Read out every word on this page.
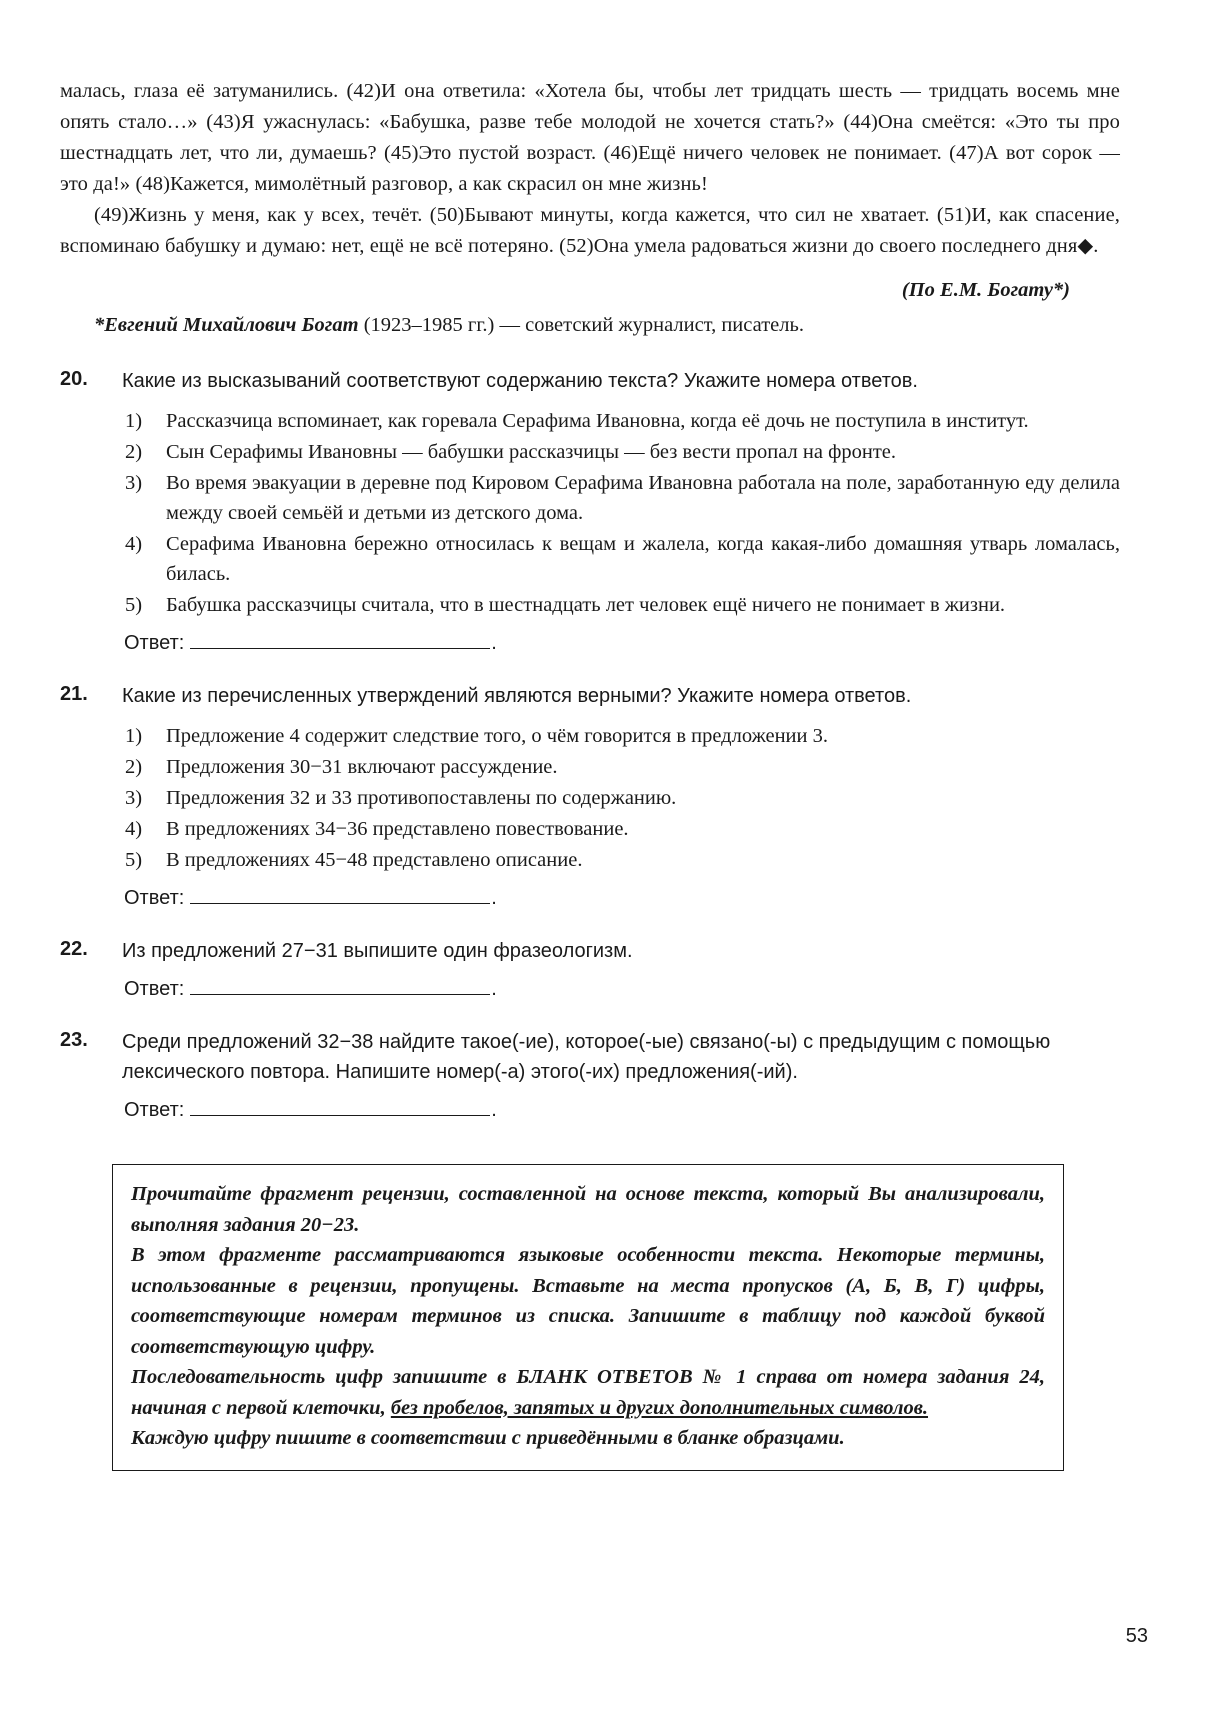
малась, глаза её затуманились. (42)И она ответила: «Хотела бы, чтобы лет тридцать шесть — тридцать восемь мне опять стало…» (43)Я ужаснулась: «Бабушка, разве тебе молодой не хочется стать?» (44)Она смеётся: «Это ты про шестнадцать лет, что ли, думаешь? (45)Это пустой возраст. (46)Ещё ничего человек не понимает. (47)А вот сорок — это да!» (48)Кажется, мимолётный разговор, а как скрасил он мне жизнь!

(49)Жизнь у меня, как у всех, течёт. (50)Бывают минуты, когда кажется, что сил не хватает. (51)И, как спасение, вспоминаю бабушку и думаю: нет, ещё не всё потеряно. (52)Она умела радоваться жизни до своего последнего дня◆.

(По Е.М. Богату*)
*Евгений Михайлович Богат (1923–1985 гг.) — советский журналист, писатель.
20.	Какие из высказываний соответствуют содержанию текста? Укажите номера ответов.
1)	Рассказчица вспоминает, как горевала Серафима Ивановна, когда её дочь не поступила в институт.
2)	Сын Серафимы Ивановны — бабушки рассказчицы — без вести пропал на фронте.
3)	Во время эвакуации в деревне под Кировом Серафима Ивановна работала на поле, заработанную еду делила между своей семьёй и детьми из детского дома.
4)	Серафима Ивановна бережно относилась к вещам и жалела, когда какая-либо домашняя утварь ломалась, билась.
5)	Бабушка рассказчицы считала, что в шестнадцать лет человек ещё ничего не понимает в жизни.
Ответ:	.
21.	Какие из перечисленных утверждений являются верными? Укажите номера ответов.
1)	Предложение 4 содержит следствие того, о чём говорится в предложении 3.
2)	Предложения 30−31 включают рассуждение.
3)	Предложения 32 и 33 противопоставлены по содержанию.
4)	В предложениях 34−36 представлено повествование.
5)	В предложениях 45−48 представлено описание.
Ответ:	.
22.	Из предложений 27−31 выпишите один фразеологизм.
Ответ:	.
23.	Среди предложений 32−38 найдите такое(-ие), которое(-ые) связано(-ы) с предыдущим с помощью лексического повтора. Напишите номер(-а) этого(-их) предложения(-ий).
Ответ:	.

Прочитайте фрагмент рецензии, составленной на основе текста, который Вы анализировали, выполняя задания 20−23.

В этом фрагменте рассматриваются языковые особенности текста. Некоторые термины, использованные в рецензии, пропущены. Вставьте на места пропусков (А, Б, В, Г) цифры, соответствующие номерам терминов из списка. Запишите в таблицу под каждой буквой соответствующую цифру.

Последовательность цифр запишите в БЛАНК ОТВЕТОВ № 1 справа от номера задания 24, начиная с первой клеточки, без пробелов, запятых и других дополнительных символов.

Каждую цифру пишите в соответствии с приведёнными в бланке образцами.

53
